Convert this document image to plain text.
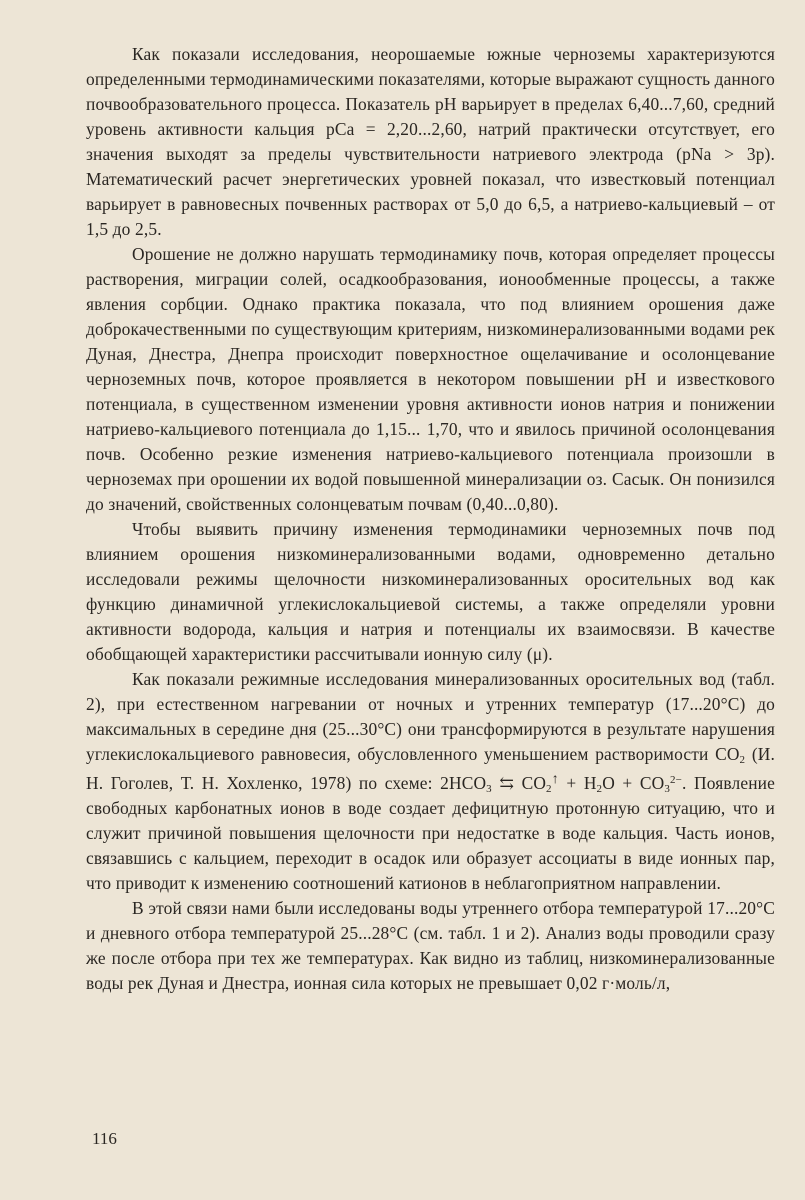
Как показали исследования, неорошаемые южные черноземы характеризуются определенными термодинамическими показателями, которые выражают сущность данного почвообразовательного процесса. Показатель pH варьирует в пределах 6,40...7,60, средний уровень активности кальция pCa = 2,20...2,60, натрий практически отсутствует, его значения выходят за пределы чувствительности натриевого электрода (pNa > 3p). Математический расчет энергетических уровней показал, что известковый потенциал варьирует в равновесных почвенных растворах от 5,0 до 6,5, а натриево-кальциевый – от 1,5 до 2,5.

Орошение не должно нарушать термодинамику почв, которая определяет процессы растворения, миграции солей, осадкообразования, ионообменные процессы, а также явления сорбции. Однако практика показала, что под влиянием орошения даже доброкачественными по существующим критериям, низкоминерализованными водами рек Дуная, Днестра, Днепра происходит поверхностное ощелачивание и осолонцевание черноземных почв, которое проявляется в некотором повышении pH и известкового потенциала, в существенном изменении уровня активности ионов натрия и понижении натриево-кальциевого потенциала до 1,15... 1,70, что и явилось причиной осолонцевания почв. Особенно резкие изменения натриево-кальциевого потенциала произошли в черноземах при орошении их водой повышенной минерализации оз. Сасык. Он понизился до значений, свойственных солонцеватым почвам (0,40...0,80).

Чтобы выявить причину изменения термодинамики черноземных почв под влиянием орошения низкоминерализованными водами, одновременно детально исследовали режимы щелочности низкоминерализованных оросительных вод как функцию динамичной углекислокальциевой системы, а также определяли уровни активности водорода, кальция и натрия и потенциалы их взаимосвязи. В качестве обобщающей характеристики рассчитывали ионную силу (μ).

Как показали режимные исследования минерализованных оросительных вод (табл. 2), при естественном нагревании от ночных и утренних температур (17...20°C) до максимальных в середине дня (25...30°C) они трансформируются в результате нарушения углекислокальциевого равновесия, обусловленного уменьшением растворимости $CO_2$ (И. Н. Гоголев, Т. Н. Хохленко, 1978) по схеме: $2HCO_3$ ⇆ $CO_2^↑ + H_2O + CO_3^{2-}$. Появление свободных карбонатных ионов в воде создает дефицитную протонную ситуацию, что и служит причиной повышения щелочности при недостатке в воде кальция. Часть ионов, связавшись с кальцием, переходит в осадок или образует ассоциаты в виде ионных пар, что приводит к изменению соотношений катионов в неблагоприятном направлении.

В этой связи нами были исследованы воды утреннего отбора температурой 17...20°C и дневного отбора температурой 25...28°C (см. табл. 1 и 2). Анализ воды проводили сразу же после отбора при тех же температурах. Как видно из таблиц, низкоминерализованные воды рек Дуная и Днестра, ионная сила которых не превышает 0,02 г·моль/л,

116
